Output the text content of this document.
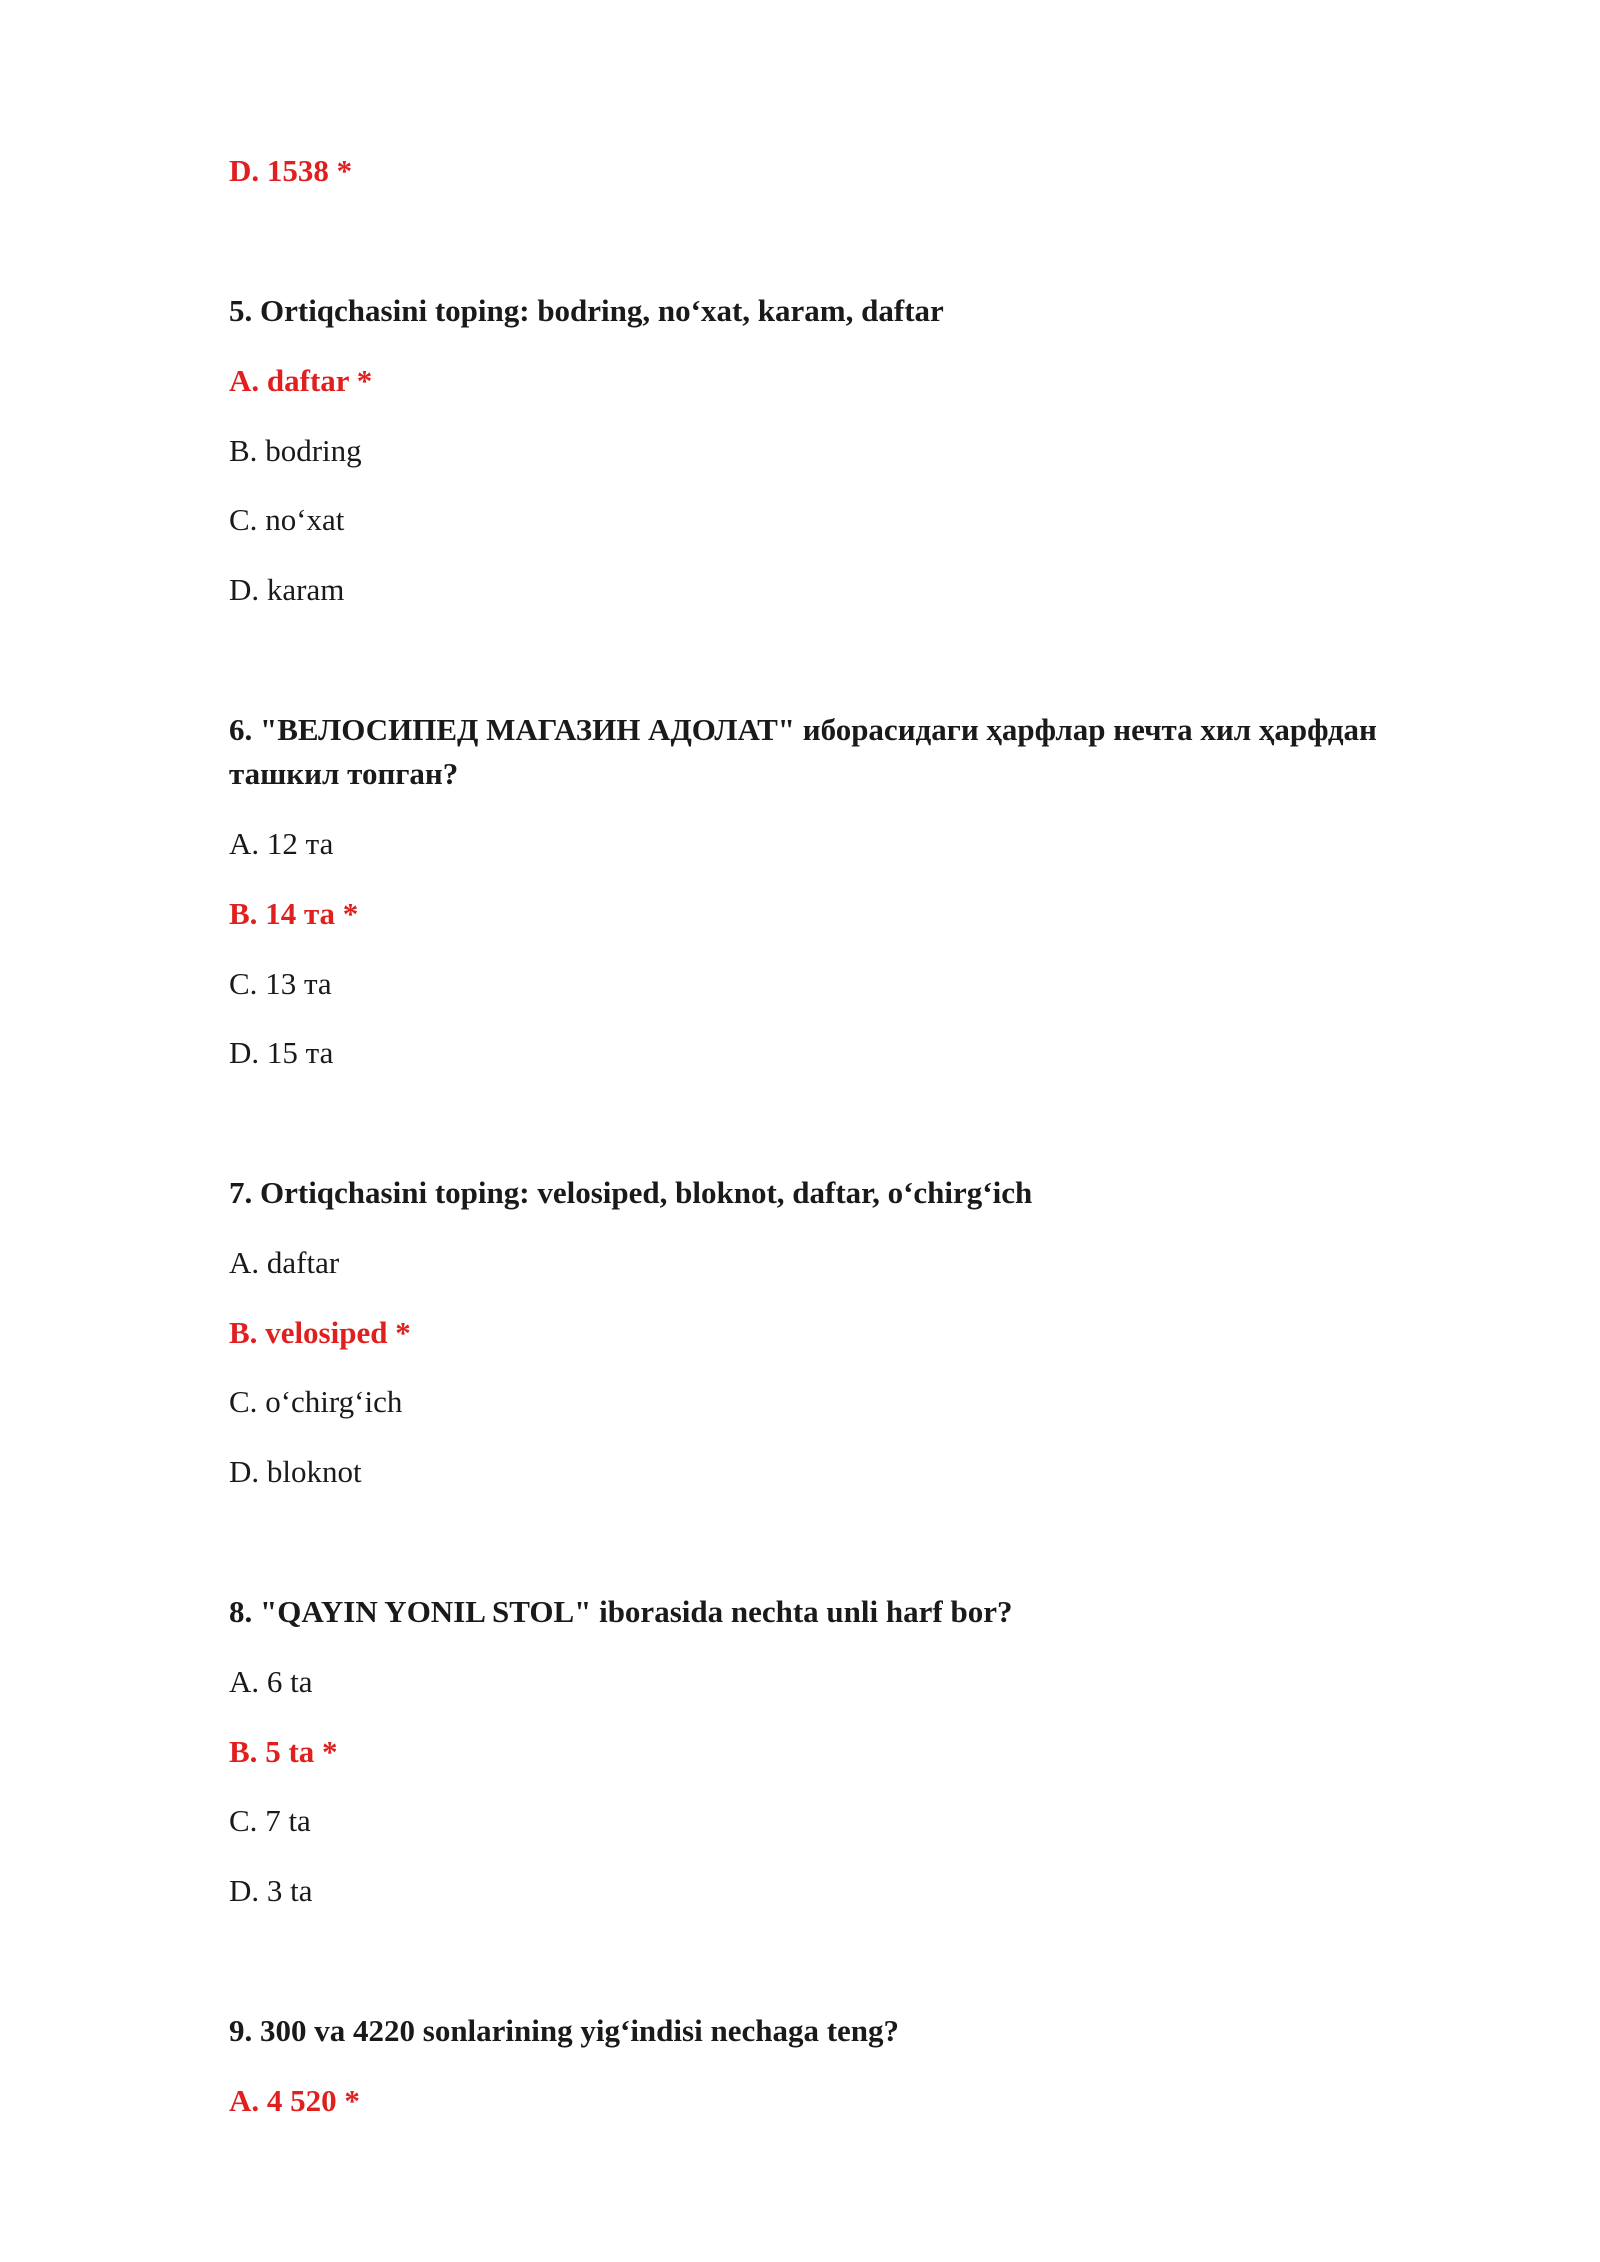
D. 1538 *

5. Ortiqchasini toping: bodring, no‘xat, karam, daftar

A. daftar *

B. bodring

C. no‘xat

D. karam

6. "ВЕЛОСИПЕД МАГАЗИН АДОЛАТ" иборасидаги ҳарфлар нечта хил ҳарфдан ташкил топган?

A. 12 та

B. 14 та *

C. 13 та

D. 15 та

7. Ortiqchasini toping: velosiped, bloknot, daftar, o‘chirg‘ich

A. daftar

B. velosiped *

C. o‘chirg‘ich

D. bloknot

8. "QAYIN YONIL STOL" iborasida nechta unli harf bor?

A. 6 ta

B. 5 ta *

C. 7 ta

D. 3 ta

9. 300 va 4220 sonlarining yig‘indisi nechaga teng?

A. 4 520 *
